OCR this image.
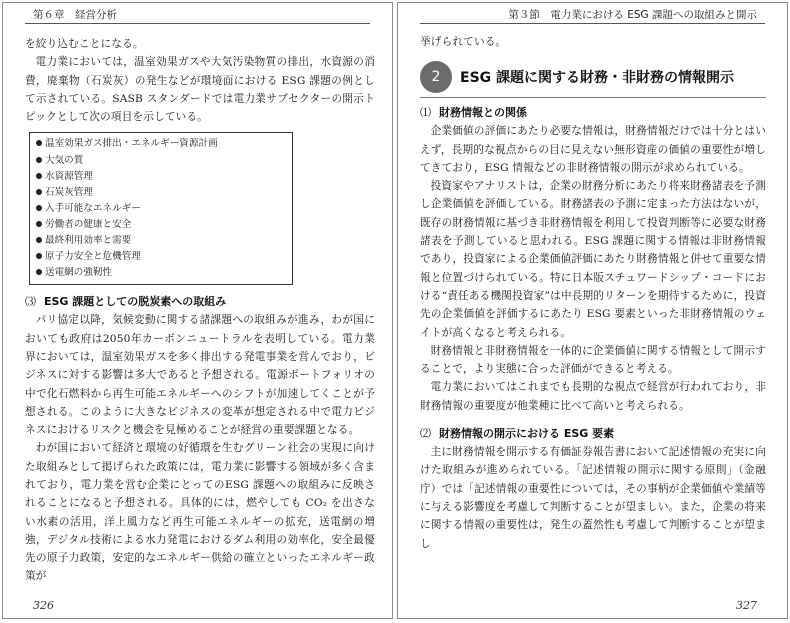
第６章　経営分析

を絞り込むことになる。

電力業においては，温室効果ガスや大気汚染物質の排出，水資源の消費，廃棄物（石炭灰）の発生などが環境面における ESG 課題の例として示されている。SASB スタンダードでは電力業サブセクターの開示トピックとして次の項目を示している。

温室効果ガス排出・エネルギー資源計画
大気の質
水資源管理
石炭灰管理
入手可能なエネルギー
労働者の健康と安全
最終利用効率と需要
原子力安全と危機管理
送電網の強靭性
⑶ ESG 課題としての脱炭素への取組み

パリ協定以降，気候変動に関する諸課題への取組みが進み，わが国においても政府は2050年カーボンニュートラルを表明している。電力業界においては，温室効果ガスを多く排出する発電事業を営んでおり，ビジネスに対する影響は多大であると予想される。電源ポートフォリオの中で化石燃料から再生可能エネルギーへのシフトが加速してくことが予想される。このように大きなビジネスの変革が想定される中で電力ビジネスにおけるリスクと機会を見極めることが経営の重要課題となる。

わが国において経済と環境の好循環を生むグリーン社会の実現に向けた取組みとして掲げられた政策には，電力業に影響する領域が多く含まれており，電力業を営む企業にとってのESG 課題への取組みに反映されることになると予想される。具体的には，燃やしても CO₂ を出さない水素の活用，洋上風力など再生可能エネルギーの拡充，送電網の増強，デジタル技術による水力発電におけるダム利用の効率化，安全最優先の原子力政策，安定的なエネルギー供給の確立といったエネルギー政策が

326
第３節　電力業における ESG 課題への取組みと開示

挙げられている。

2	ESG 課題に関する財務・非財務の情報開示
⑴ 財務情報との関係

企業価値の評価にあたり必要な情報は，財務情報だけでは十分とはいえず，長期的な視点からの目に見えない無形資産の価値の重要性が増してきており，ESG 情報などの非財務情報の開示が求められている。

投資家やアナリストは，企業の財務分析にあたり将来財務諸表を予測し企業価値を評価している。財務諸表の予測に定まった方法はないが，既存の財務情報に基づき非財務情報を利用して投資判断等に必要な財務諸表を予測していると思われる。ESG 課題に関する情報は非財務情報であり，投資家による企業価値評価にあたり財務情報と併せて重要な情報と位置づけられている。特に日本版スチュワードシップ・コードにおける“責任ある機関投資家”は中長期的リターンを期待するために，投資先の企業価値を評価するにあたり ESG 要素といった非財務情報のウェイトが高くなると考えられる。

財務情報と非財務情報を一体的に企業価値に関する情報として開示することで，より実態に合った評価ができると考える。

電力業においてはこれまでも長期的な視点で経営が行われており，非財務情報の重要度が他業種に比べて高いと考えられる。

⑵ 財務情報の開示における ESG 要素

主に財務情報を開示する有価証券報告書において記述情報の充実に向けた取組みが進められている。「記述情報の開示に関する原則」（金融庁）では「記述情報の重要性については，その事柄が企業価値や業績等に与える影響度を考慮して判断することが望ましい。また，企業の将来に関する情報の重要性は，発生の蓋然性も考慮して判断することが望まし

327
